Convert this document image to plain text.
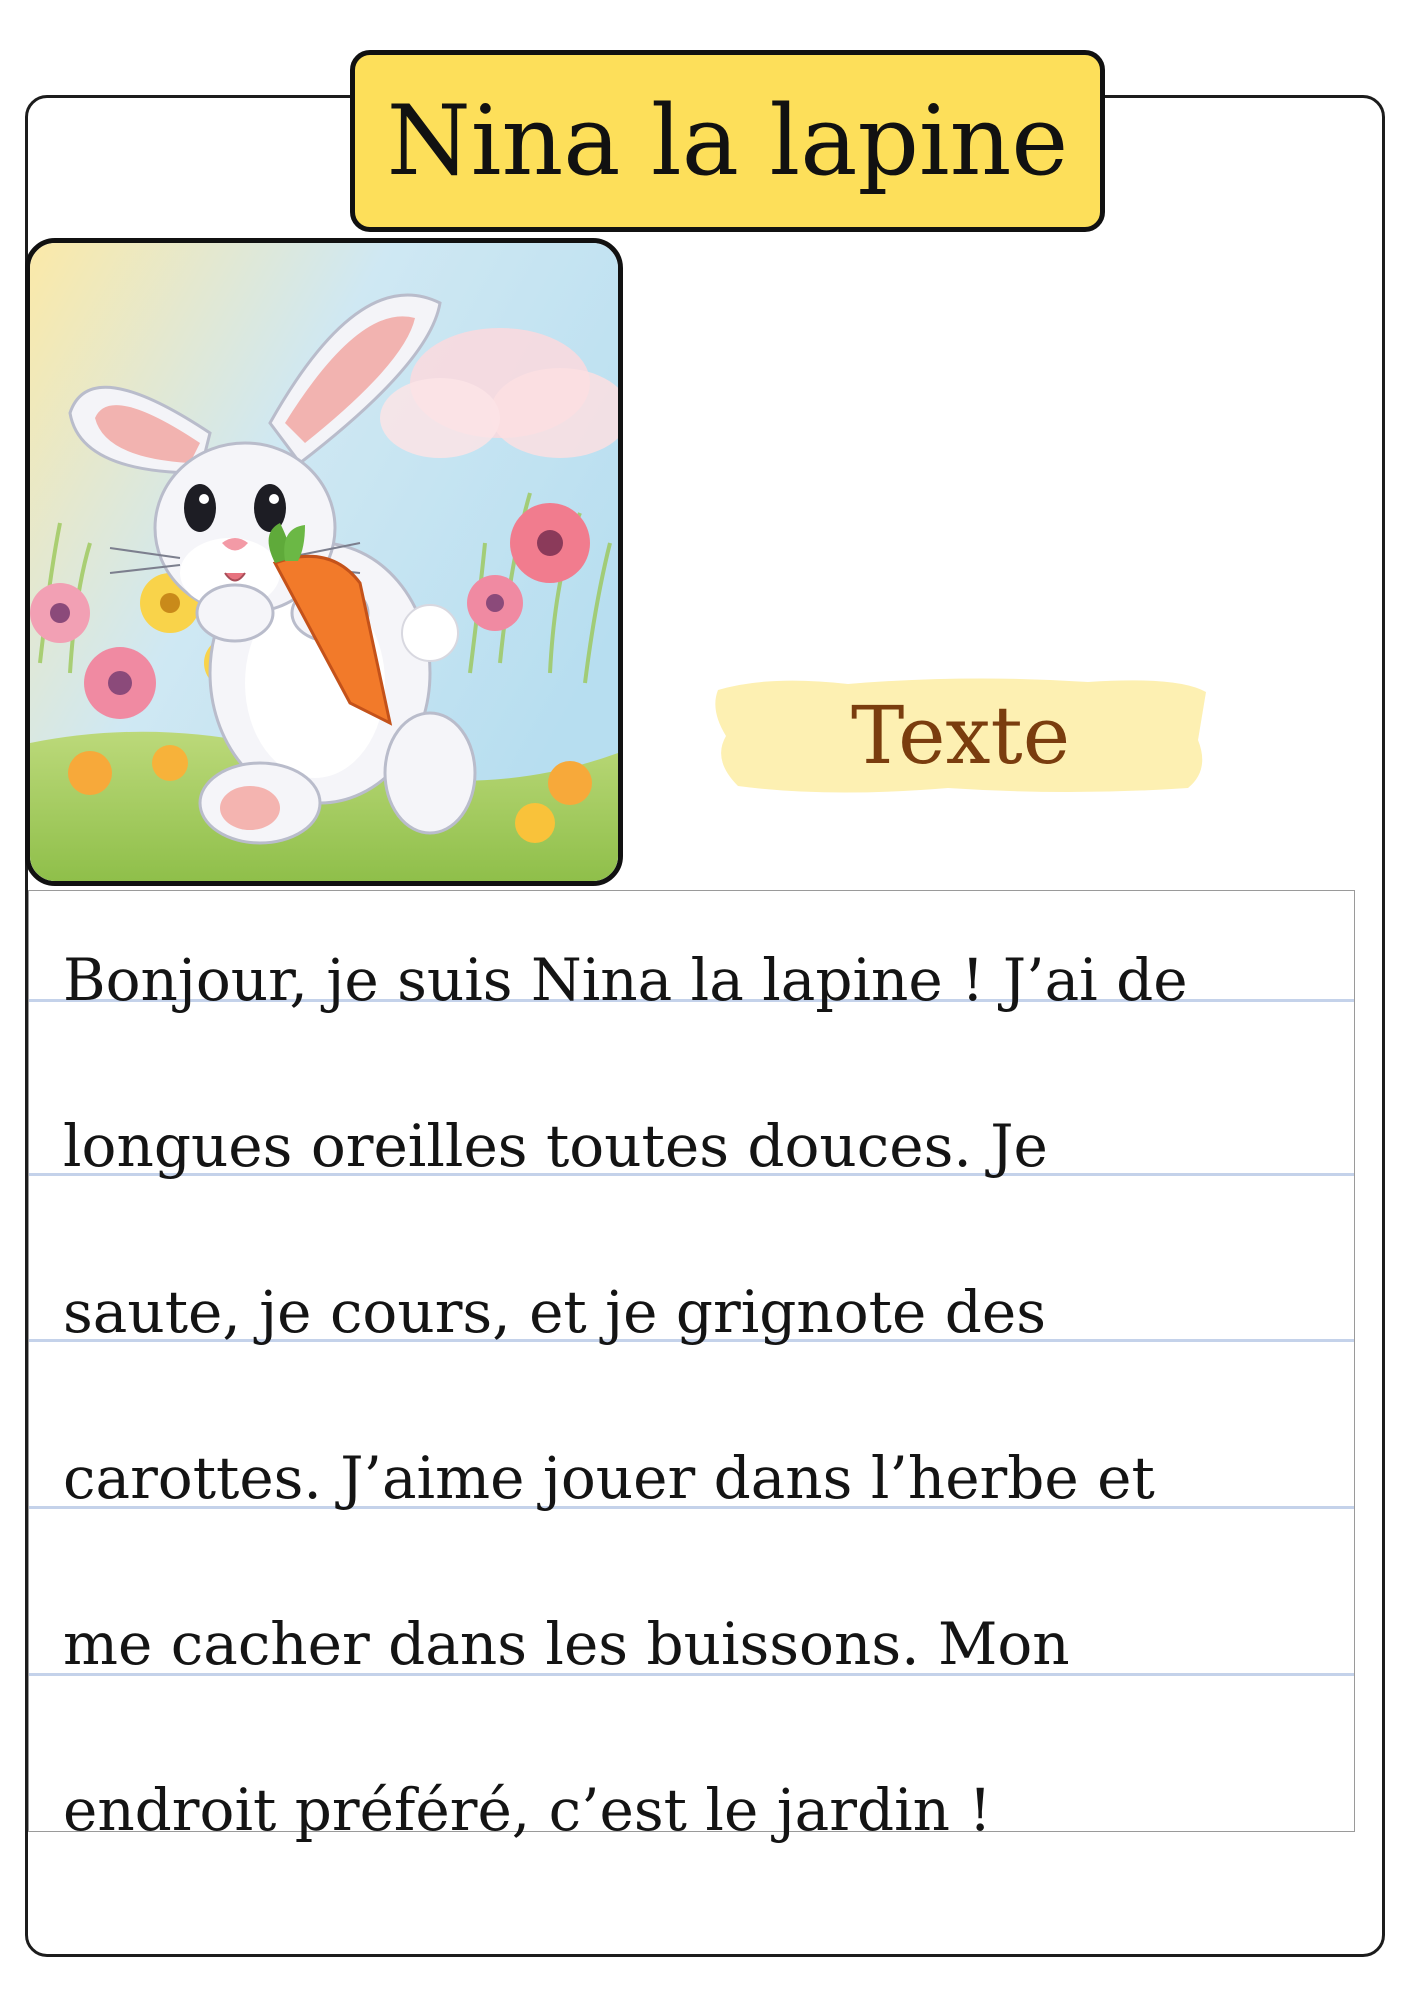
Nina la lapine
Texte
Bonjour, je suis Nina la lapine ! J’ai de
longues oreilles toutes douces. Je
saute, je cours, et je grignote des
carottes. J’aime jouer dans l’herbe et
me cacher dans les buissons. Mon
endroit préféré, c’est le jardin !
